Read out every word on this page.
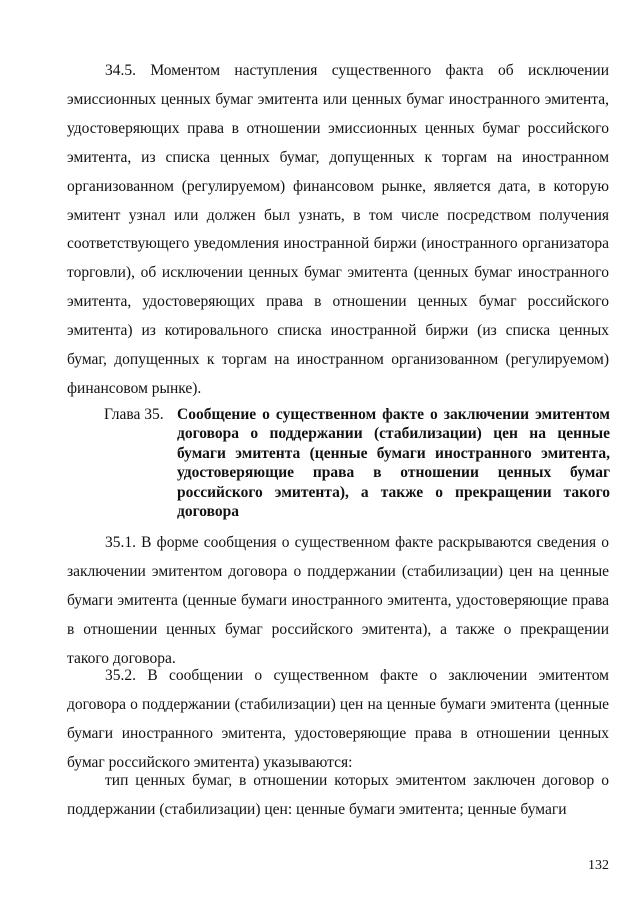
34.5. Моментом наступления существенного факта об исключении эмиссионных ценных бумаг эмитента или ценных бумаг иностранного эмитента, удостоверяющих права в отношении эмиссионных ценных бумаг российского эмитента, из списка ценных бумаг, допущенных к торгам на иностранном организованном (регулируемом) финансовом рынке, является дата, в которую эмитент узнал или должен был узнать, в том числе посредством получения соответствующего уведомления иностранной биржи (иностранного организатора торговли), об исключении ценных бумаг эмитента (ценных бумаг иностранного эмитента, удостоверяющих права в отношении ценных бумаг российского эмитента) из котировального списка иностранной биржи (из списка ценных бумаг, допущенных к торгам на иностранном организованном (регулируемом) финансовом рынке).

Глава 35. Сообщение о существенном факте о заключении эмитентом договора о поддержании (стабилизации) цен на ценные бумаги эмитента (ценные бумаги иностранного эмитента, удостоверяющие права в отношении ценных бумаг российского эмитента), а также о прекращении такого договора

35.1. В форме сообщения о существенном факте раскрываются сведения о заключении эмитентом договора о поддержании (стабилизации) цен на ценные бумаги эмитента (ценные бумаги иностранного эмитента, удостоверяющие права в отношении ценных бумаг российского эмитента), а также о прекращении такого договора.

35.2. В сообщении о существенном факте о заключении эмитентом договора о поддержании (стабилизации) цен на ценные бумаги эмитента (ценные бумаги иностранного эмитента, удостоверяющие права в отношении ценных бумаг российского эмитента) указываются:

тип ценных бумаг, в отношении которых эмитентом заключен договор о поддержании (стабилизации) цен: ценные бумаги эмитента; ценные бумаги

132
